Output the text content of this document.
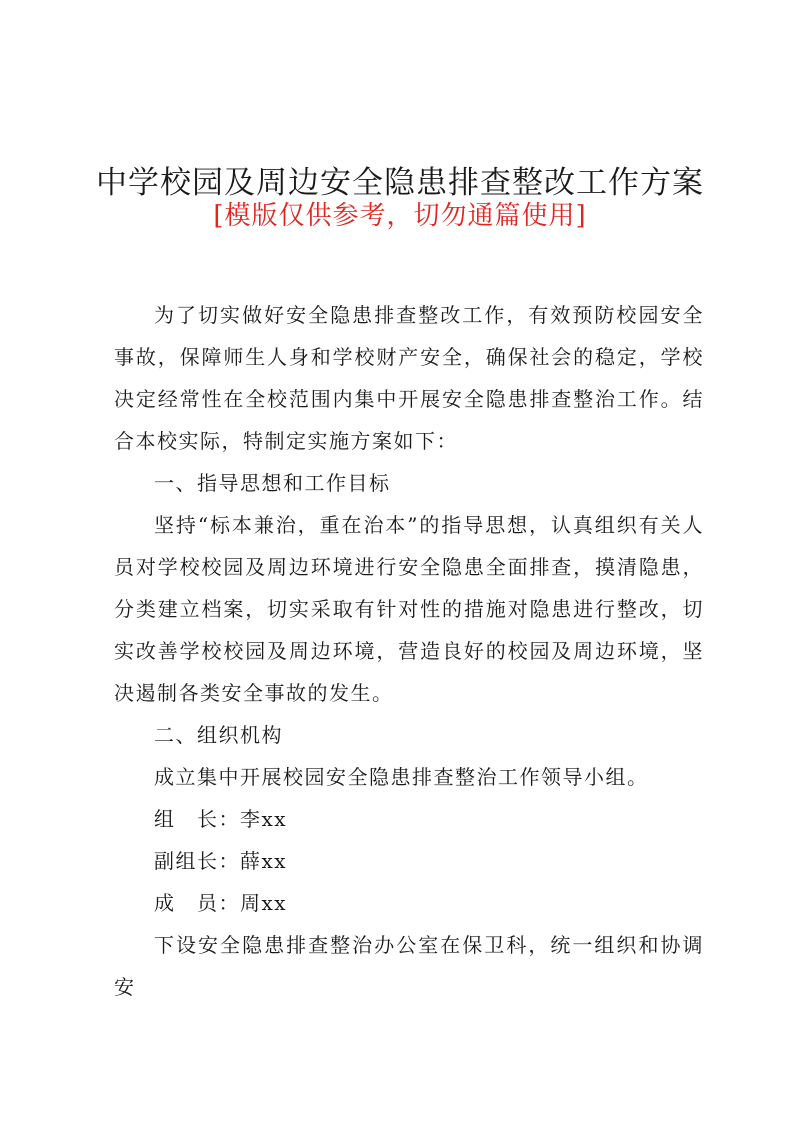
中学校园及周边安全隐患排查整改工作方案
[模版仅供参考，切勿通篇使用]

为了切实做好安全隐患排查整改工作，有效预防校园安全事故，保障师生人身和学校财产安全，确保社会的稳定，学校决定经常性在全校范围内集中开展安全隐患排查整治工作。结合本校实际，特制定实施方案如下：

一、指导思想和工作目标

坚持“标本兼治，重在治本”的指导思想，认真组织有关人员对学校校园及周边环境进行安全隐患全面排查，摸清隐患，分类建立档案，切实采取有针对性的措施对隐患进行整改，切实改善学校校园及周边环境，营造良好的校园及周边环境，坚决遏制各类安全事故的发生。

二、组织机构

成立集中开展校园安全隐患排查整治工作领导小组。

组　长：李xx

副组长：薛xx

成　员：周xx

下设安全隐患排查整治办公室在保卫科，统一组织和协调安
